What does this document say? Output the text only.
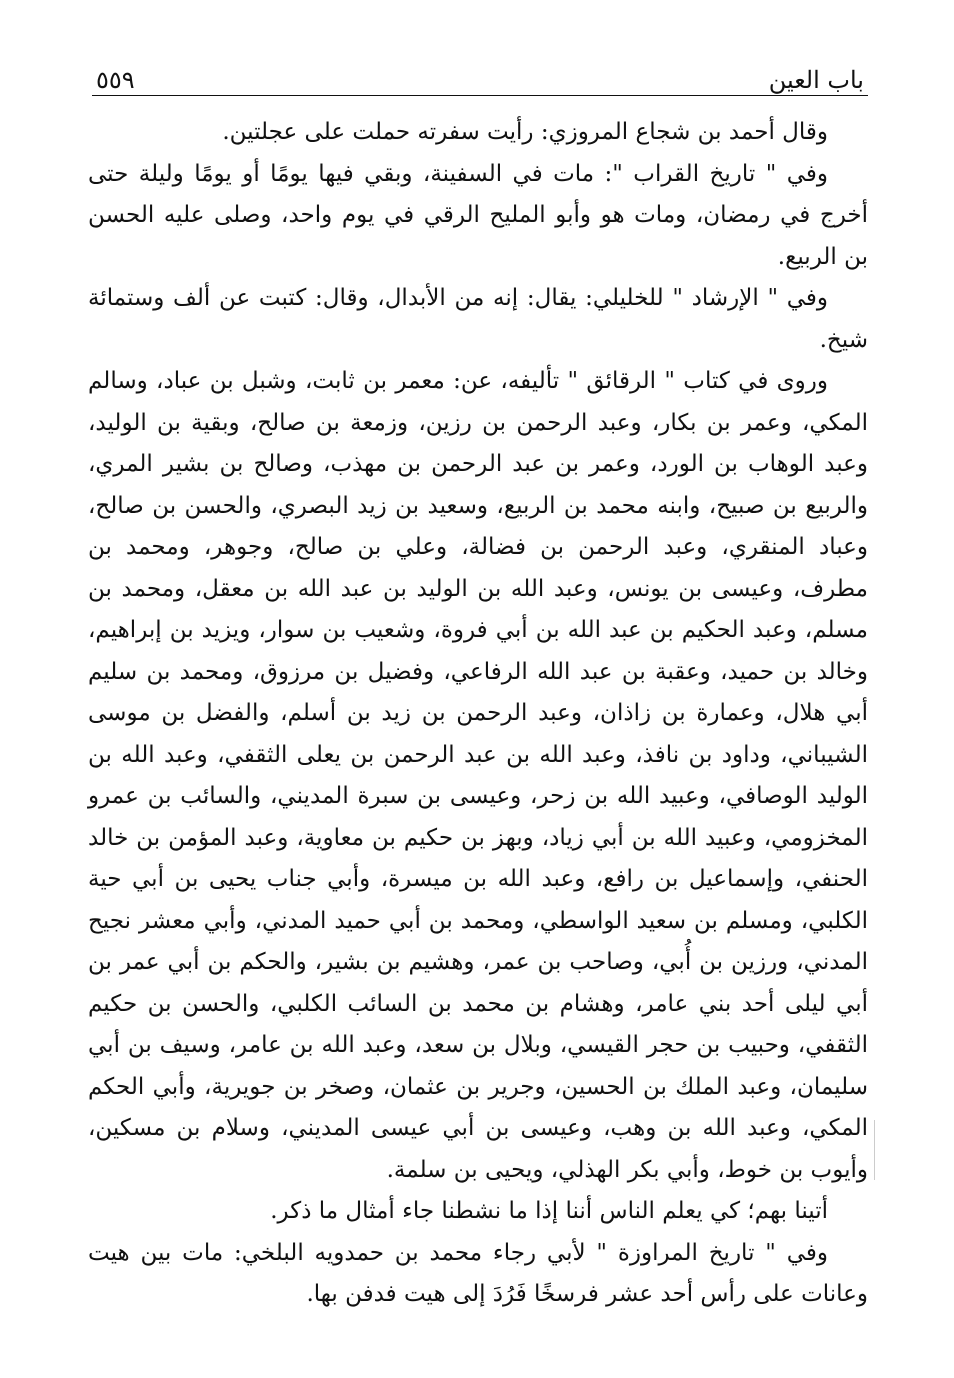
باب العين
٥٥٩

وقال أحمد بن شجاع المروزي: رأيت سفرته حملت على عجلتين.

وفي " تاريخ القراب ": مات في السفينة، وبقي فيها يومًا أو يومًا وليلة حتى أخرج في رمضان، ومات هو وأبو المليح الرقي في يوم واحد، وصلى عليه الحسن بن الربيع.

وفي " الإرشاد " للخليلي: يقال: إنه من الأبدال، وقال: كتبت عن ألف وستمائة شيخ.

وروى في كتاب " الرقائق " تأليفه، عن: معمر بن ثابت، وشبل بن عباد، وسالم المكي، وعمر بن بكار، وعبد الرحمن بن رزين، وزمعة بن صالح، وبقية بن الوليد، وعبد الوهاب بن الورد، وعمر بن عبد الرحمن بن مهذب، وصالح بن بشير المري، والربيع بن صبيح، وابنه محمد بن الربيع، وسعيد بن زيد البصري، والحسن بن صالح، وعباد المنقري، وعبد الرحمن بن فضالة، وعلي بن صالح، وجوهر، ومحمد بن مطرف، وعيسى بن يونس، وعبد الله بن الوليد بن عبد الله بن معقل، ومحمد بن مسلم، وعبد الحكيم بن عبد الله بن أبي فروة، وشعيب بن سوار، ويزيد بن إبراهيم، وخالد بن حميد، وعقبة بن عبد الله الرفاعي، وفضيل بن مرزوق، ومحمد بن سليم أبي هلال، وعمارة بن زاذان، وعبد الرحمن بن زيد بن أسلم، والفضل بن موسى الشيباني، وداود بن نافذ، وعبد الله بن عبد الرحمن بن يعلى الثقفي، وعبد الله بن الوليد الوصافي، وعبيد الله بن زحر، وعيسى بن سبرة المديني، والسائب بن عمرو المخزومي، وعبيد الله بن أبي زياد، وبهز بن حكيم بن معاوية، وعبد المؤمن بن خالد الحنفي، وإسماعيل بن رافع، وعبد الله بن ميسرة، وأبي جناب يحيى بن أبي حية الكلبي، ومسلم بن سعيد الواسطي، ومحمد بن أبي حميد المدني، وأبي معشر نجيح المدني، ورزين بن أُبي، وصاحب بن عمر، وهشيم بن بشير، والحكم بن أبي عمر بن أبي ليلى أحد بني عامر، وهشام بن محمد بن السائب الكلبي، والحسن بن حكيم الثقفي، وحبيب بن حجر القيسي، وبلال بن سعد، وعبد الله بن عامر، وسيف بن أبي سليمان، وعبد الملك بن الحسين، وجرير بن عثمان، وصخر بن جويرية، وأبي الحكم المكي، وعبد الله بن وهب، وعيسى بن أبي عيسى المديني، وسلام بن مسكين، وأيوب بن خوط، وأبي بكر الهذلي، ويحيى بن سلمة.

أتينا بهم؛ كي يعلم الناس أننا إذا ما نشطنا جاء أمثال ما ذكر.

وفي " تاريخ المراوزة " لأبي رجاء محمد بن حمدويه البلخي: مات بين هيت وعانات على رأس أحد عشر فرسخًا فَرُدَ إلى هيت فدفن بها.
